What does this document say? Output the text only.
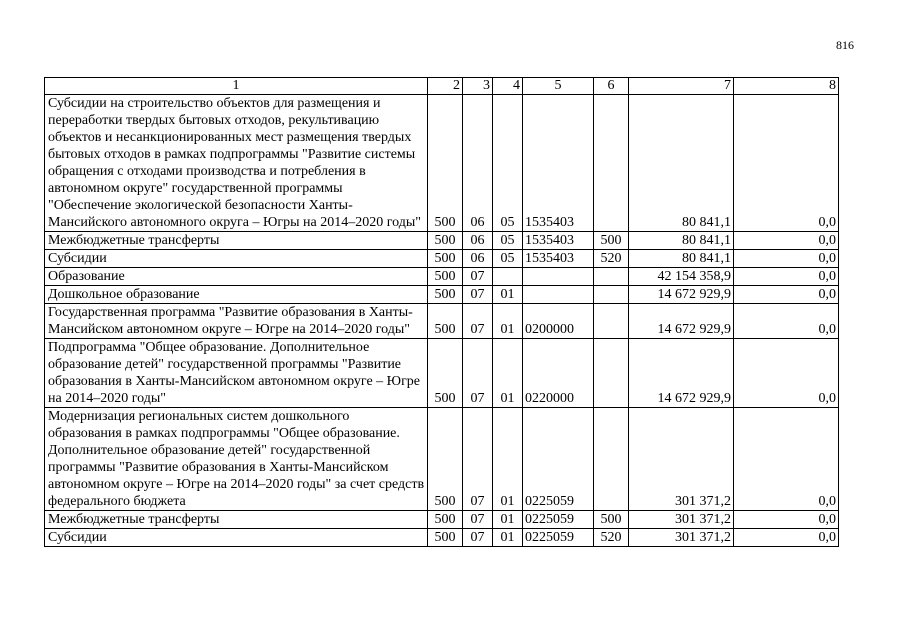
816
1	2	3	4	5	6	7	8
Субсидии на строительство объектов для размещения и переработки твердых бытовых отходов, рекультивацию объектов и несанкционированных мест размещения твердых бытовых отходов в рамках подпрограммы "Развитие системы обращения с отходами производства и потребления в автономном округе" государственной программы "Обеспечение экологической безопасности Ханты-Мансийского автономного округа – Югры на 2014–2020 годы"	500	06	05	1535403		80 841,1	0,0
Межбюджетные трансферты	500	06	05	1535403	500	80 841,1	0,0
Субсидии	500	06	05	1535403	520	80 841,1	0,0
Образование	500	07				42 154 358,9	0,0
Дошкольное образование	500	07	01			14 672 929,9	0,0
Государственная программа "Развитие образования в Ханты-Мансийском автономном округе – Югре на 2014–2020 годы"	500	07	01	0200000		14 672 929,9	0,0
Подпрограмма "Общее образование. Дополнительное образование детей" государственной программы "Развитие образования в Ханты-Мансийском автономном округе – Югре на 2014–2020 годы"	500	07	01	0220000		14 672 929,9	0,0
Модернизация региональных систем дошкольного образования в рамках подпрограммы "Общее образование. Дополнительное образование детей" государственной программы "Развитие образования в Ханты-Мансийском автономном округе – Югре на 2014–2020 годы" за счет средств федерального бюджета	500	07	01	0225059		301 371,2	0,0
Межбюджетные трансферты	500	07	01	0225059	500	301 371,2	0,0
Субсидии	500	07	01	0225059	520	301 371,2	0,0
